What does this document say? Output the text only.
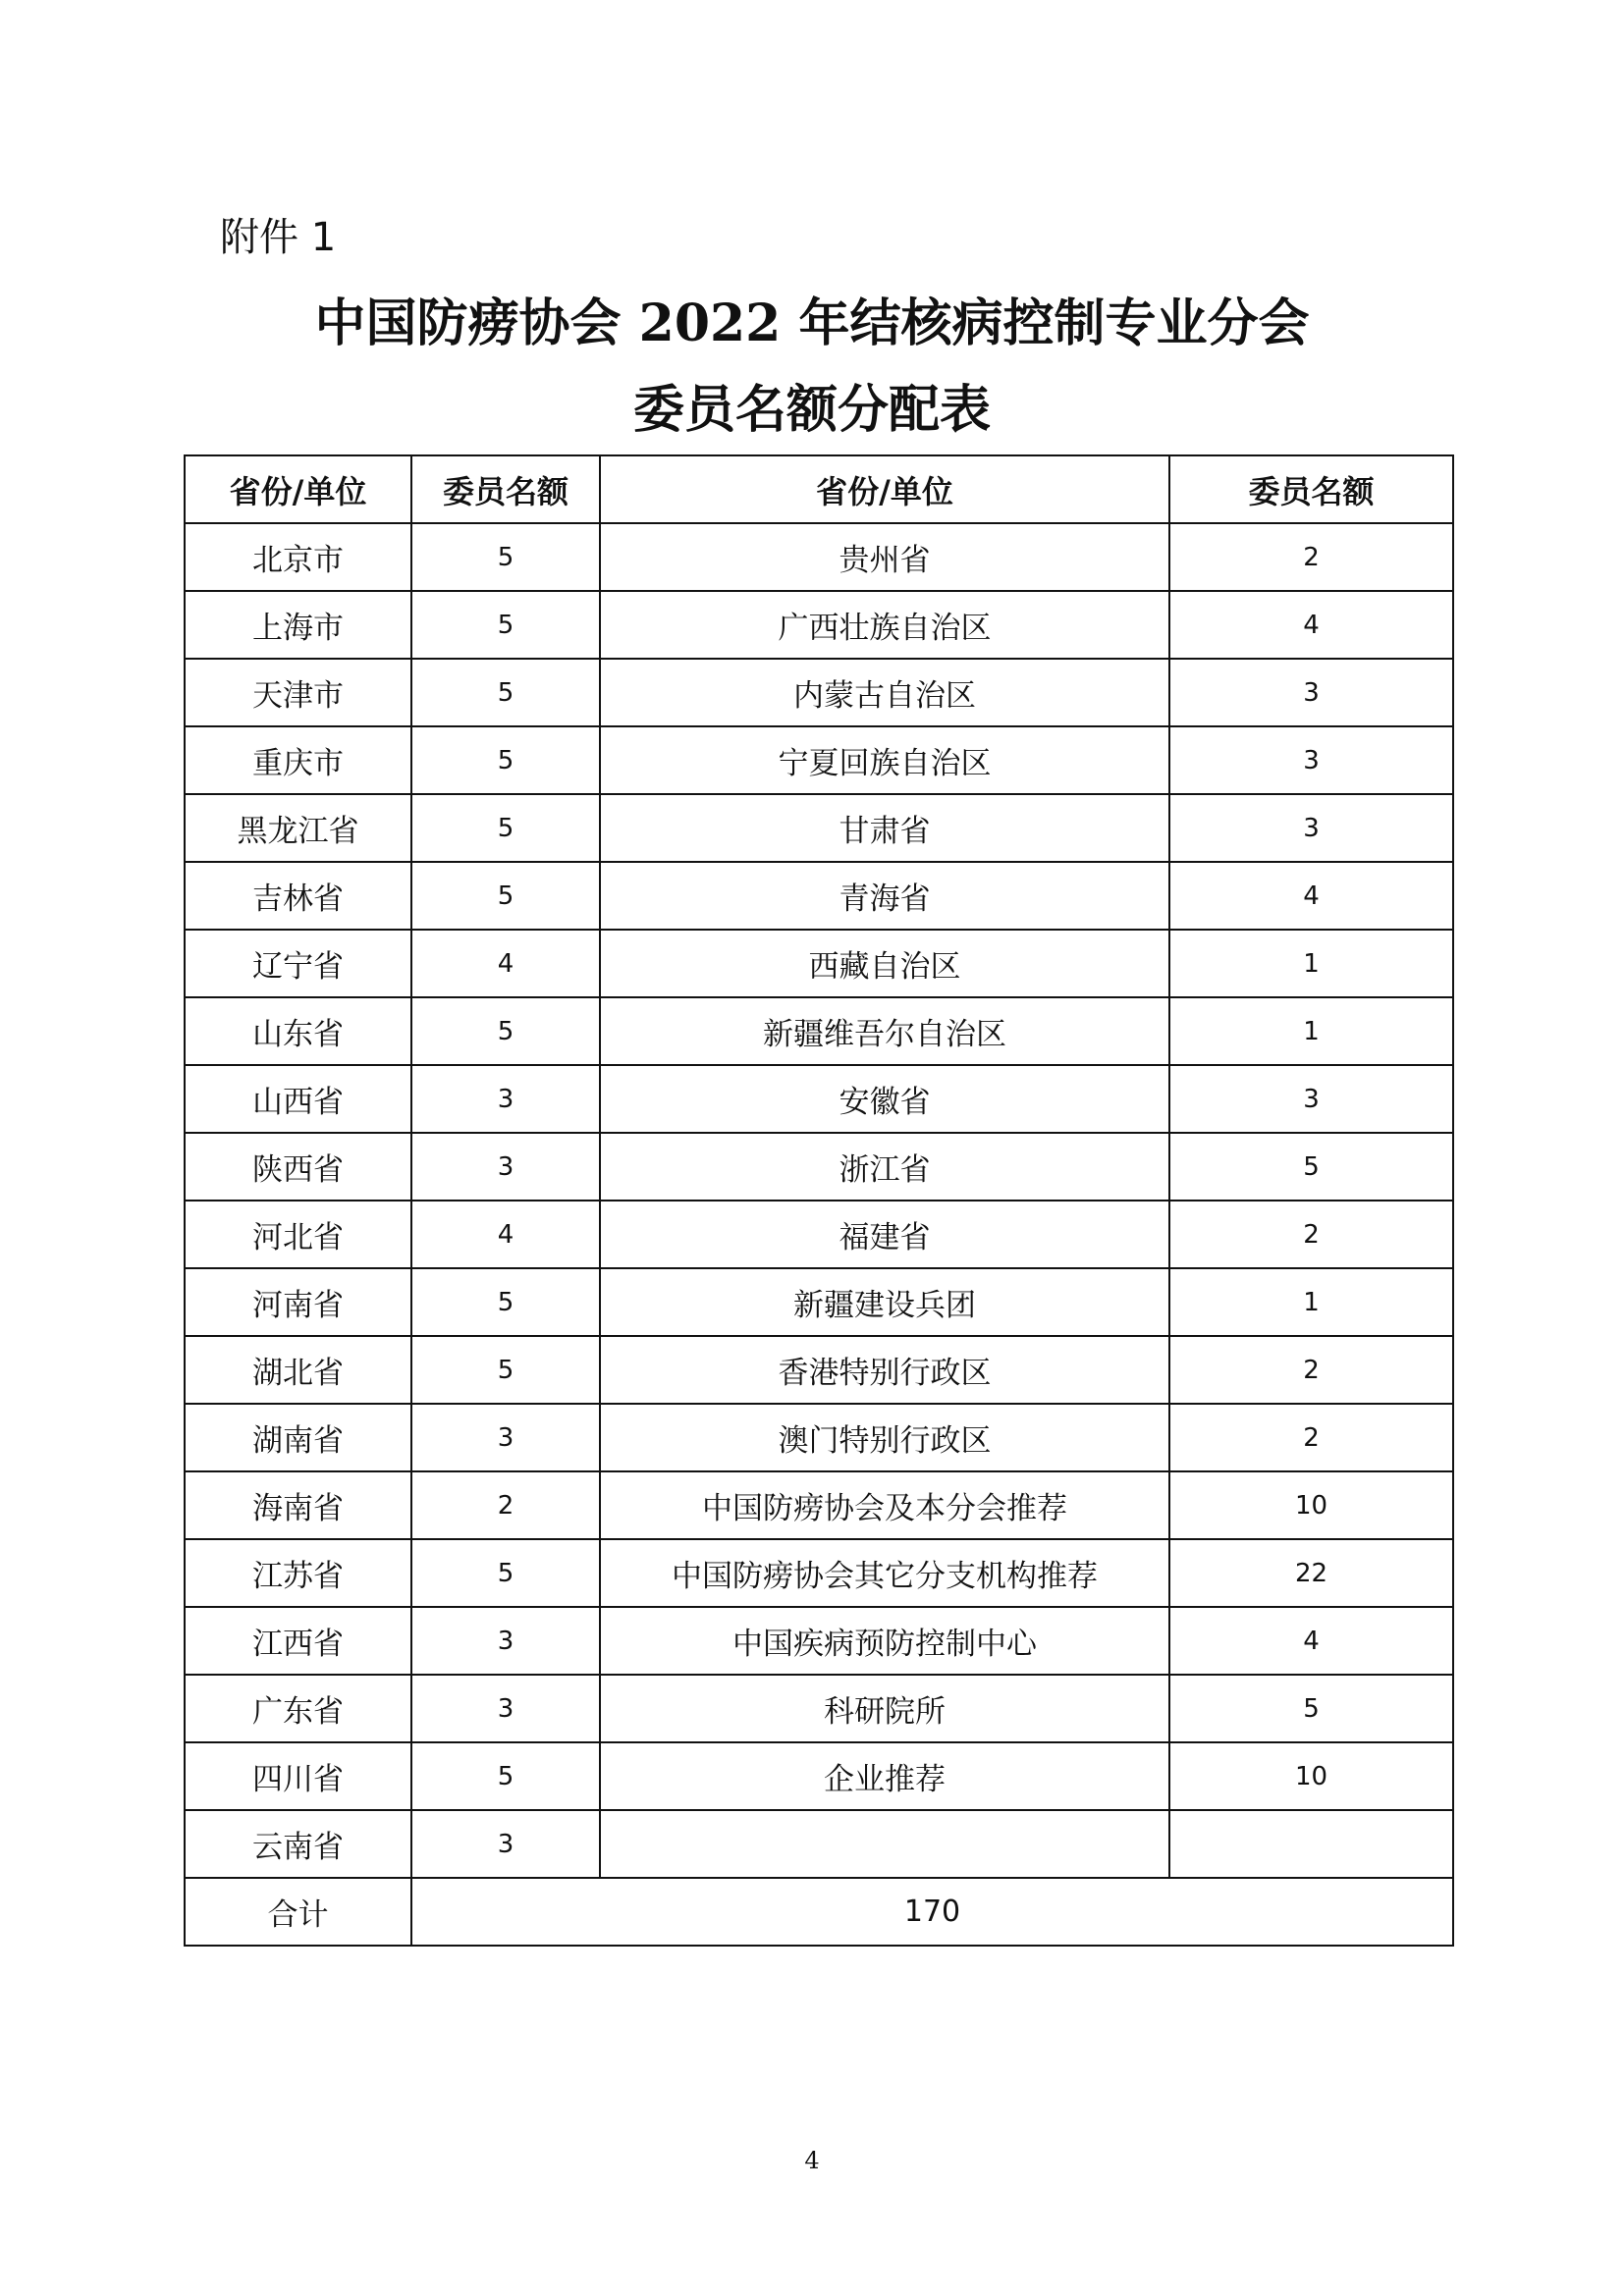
附件 1
中国防痨协会 2022 年结核病控制专业分会
委员名额分配表
省份/单位	委员名额	省份/单位	委员名额
北京市	5	贵州省	2
上海市	5	广西壮族自治区	4
天津市	5	内蒙古自治区	3
重庆市	5	宁夏回族自治区	3
黑龙江省	5	甘肃省	3
吉林省	5	青海省	4
辽宁省	4	西藏自治区	1
山东省	5	新疆维吾尔自治区	1
山西省	3	安徽省	3
陕西省	3	浙江省	5
河北省	4	福建省	2
河南省	5	新疆建设兵团	1
湖北省	5	香港特别行政区	2
湖南省	3	澳门特别行政区	2
海南省	2	中国防痨协会及本分会推荐	10
江苏省	5	中国防痨协会其它分支机构推荐	22
江西省	3	中国疾病预防控制中心	4
广东省	3	科研院所	5
四川省	5	企业推荐	10
云南省	3		
合计	170		
4
